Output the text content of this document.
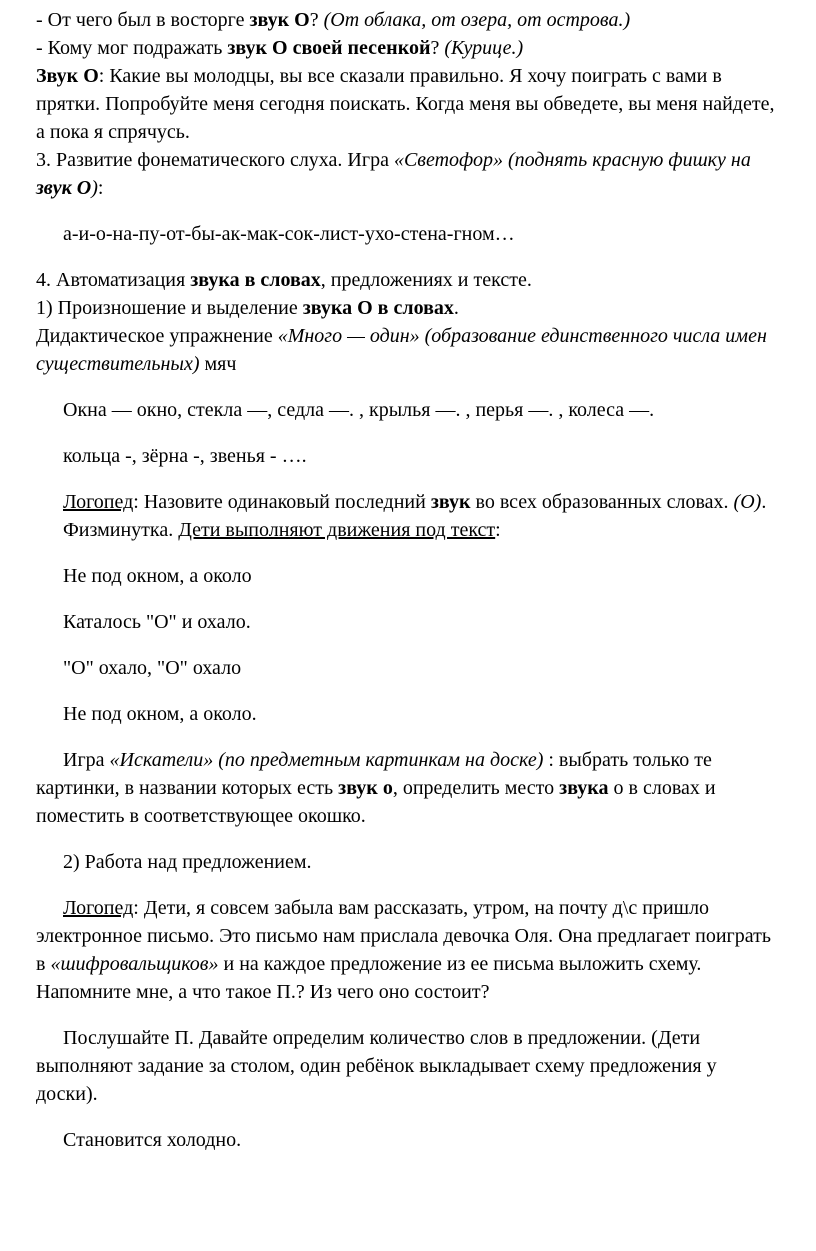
- От чего был в восторге звук О? (От облака, от озера, от острова.)

- Кому мог подражать звук О своей песенкой? (Курице.)

Звук О: Какие вы молодцы, вы все сказали правильно. Я хочу поиграть с вами в прятки. Попробуйте меня сегодня поискать. Когда меня вы обведете, вы меня найдете, а пока я спрячусь.

3. Развитие фонематического слуха. Игра «Светофор» (поднять красную фишку на звук О):

а-и-о-на-пу-от-бы-ак-мак-сок-лист-ухо-стена-гном…

4. Автоматизация звука в словах, предложениях и тексте.

1) Произношение и выделение звука О в словах.

Дидактическое упражнение «Много — один» (образование единственного числа имен существительных) мяч

Окна — окно, стекла —, седла —. , крылья —. , перья —. , колеса —.

кольца -, зёрна -, звенья - ….

Логопед: Назовите одинаковый последний звук во всех образованных словах. (О).

Физминутка. Дети выполняют движения под текст:

Не под окном, а около

Каталось "О" и охало.

"О" охало, "О" охало

Не под окном, а около.

Игра «Искатели» (по предметным картинкам на доске) : выбрать только те картинки, в названии которых есть звук о, определить место звука о в словах и поместить в соответствующее окошко.

2) Работа над предложением.

Логопед: Дети, я совсем забыла вам рассказать, утром, на почту д\с пришло электронное письмо. Это письмо нам прислала девочка Оля. Она предлагает поиграть в «шифровальщиков» и на каждое предложение из ее письма выложить схему. Напомните мне, а что такое П.? Из чего оно состоит?

Послушайте П. Давайте определим количество слов в предложении. (Дети выполняют задание за столом, один ребёнок выкладывает схему предложения у доски).

Становится холодно.
